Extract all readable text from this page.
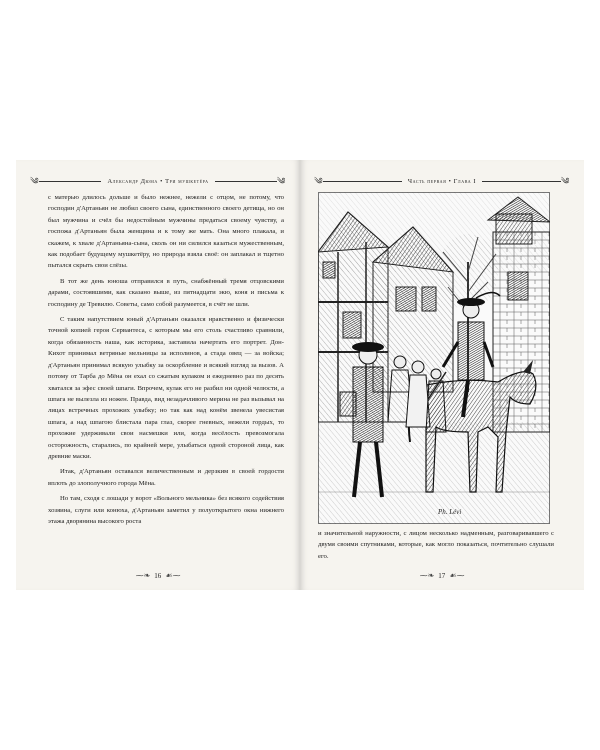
༄	Александр Дюма • Три мушкетёра	༄

с матерью длилось дольше и было нежнее, нежели с отцом, не потому, что господин д'Артаньян не любил своего сына, единственного своего детища, но он был мужчина и счёл бы недостойным мужчины предаться своему чувству, а госпожа д'Артаньян была женщина и к тому же мать. Она много плакала, и скажем, к хвале д'Артаньяна-сына, сколь он ни силился казаться мужественным, как подобает будущему мушкетёру, но природа взяла своё: он заплакал и тщетно пытался скрыть свои слёзы.

В тот же день юноша отправился в путь, снабжённый тремя отцовскими дарами, состоявшими, как сказано выше, из пятнадцати экю, коня и письма к господину де Тревилю. Советы, само собой разумеется, в счёт не шли.

С таким напутствием юный д'Артаньян оказался нравственно и физически точной копией героя Сервантеса, с которым мы его столь счастливо сравнили, когда обязанность наша, как историка, заставила начертать его портрет. Дон-Кихот принимал ветряные мельницы за исполинов, а стада овец — за войска; д'Артаньян принимал всякую улыбку за оскорбление и всякий взгляд за вызов. А потому от Тарба до Мёна он ехал со сжатым кулаком и ежедневно раз по десять хватался за эфес своей шпаги. Впрочем, кулак его не разбил ни одной челюсти, а шпага не вылезла из ножен. Правда, вид незадачливого мерина не раз вызывал на лицах встречных прохожих улыбку; но так как над конём звенела увесистая шпага, а над шпагою блистала пара глаз, скорее гневных, нежели гордых, то прохожие удерживали свои насмешки или, когда весёлость превозмогала осторожность, старались, по крайней мере, улыбаться одной стороной лица, как древние маски.

Итак, д'Артаньян оставался величественным и дерзким в своей гордости вплоть до злополучного города Мёна.

Но там, сходя с лошади у ворот «Вольного мельника» без всякого содействия хозяина, слуги или конюха, д'Артаньян заметил у полуоткрытого окна нижнего этажа дворянина высокого роста

⁓❧ 16 ☙⁓
༄	Часть первая • Глава I	༄
Ph. Lévi

и значительной наружности, с лицом несколько надменным, разговаривавшего с двумя своими спутниками, которые, как могло показаться, почтительно слушали его.

⁓❧ 17 ☙⁓
